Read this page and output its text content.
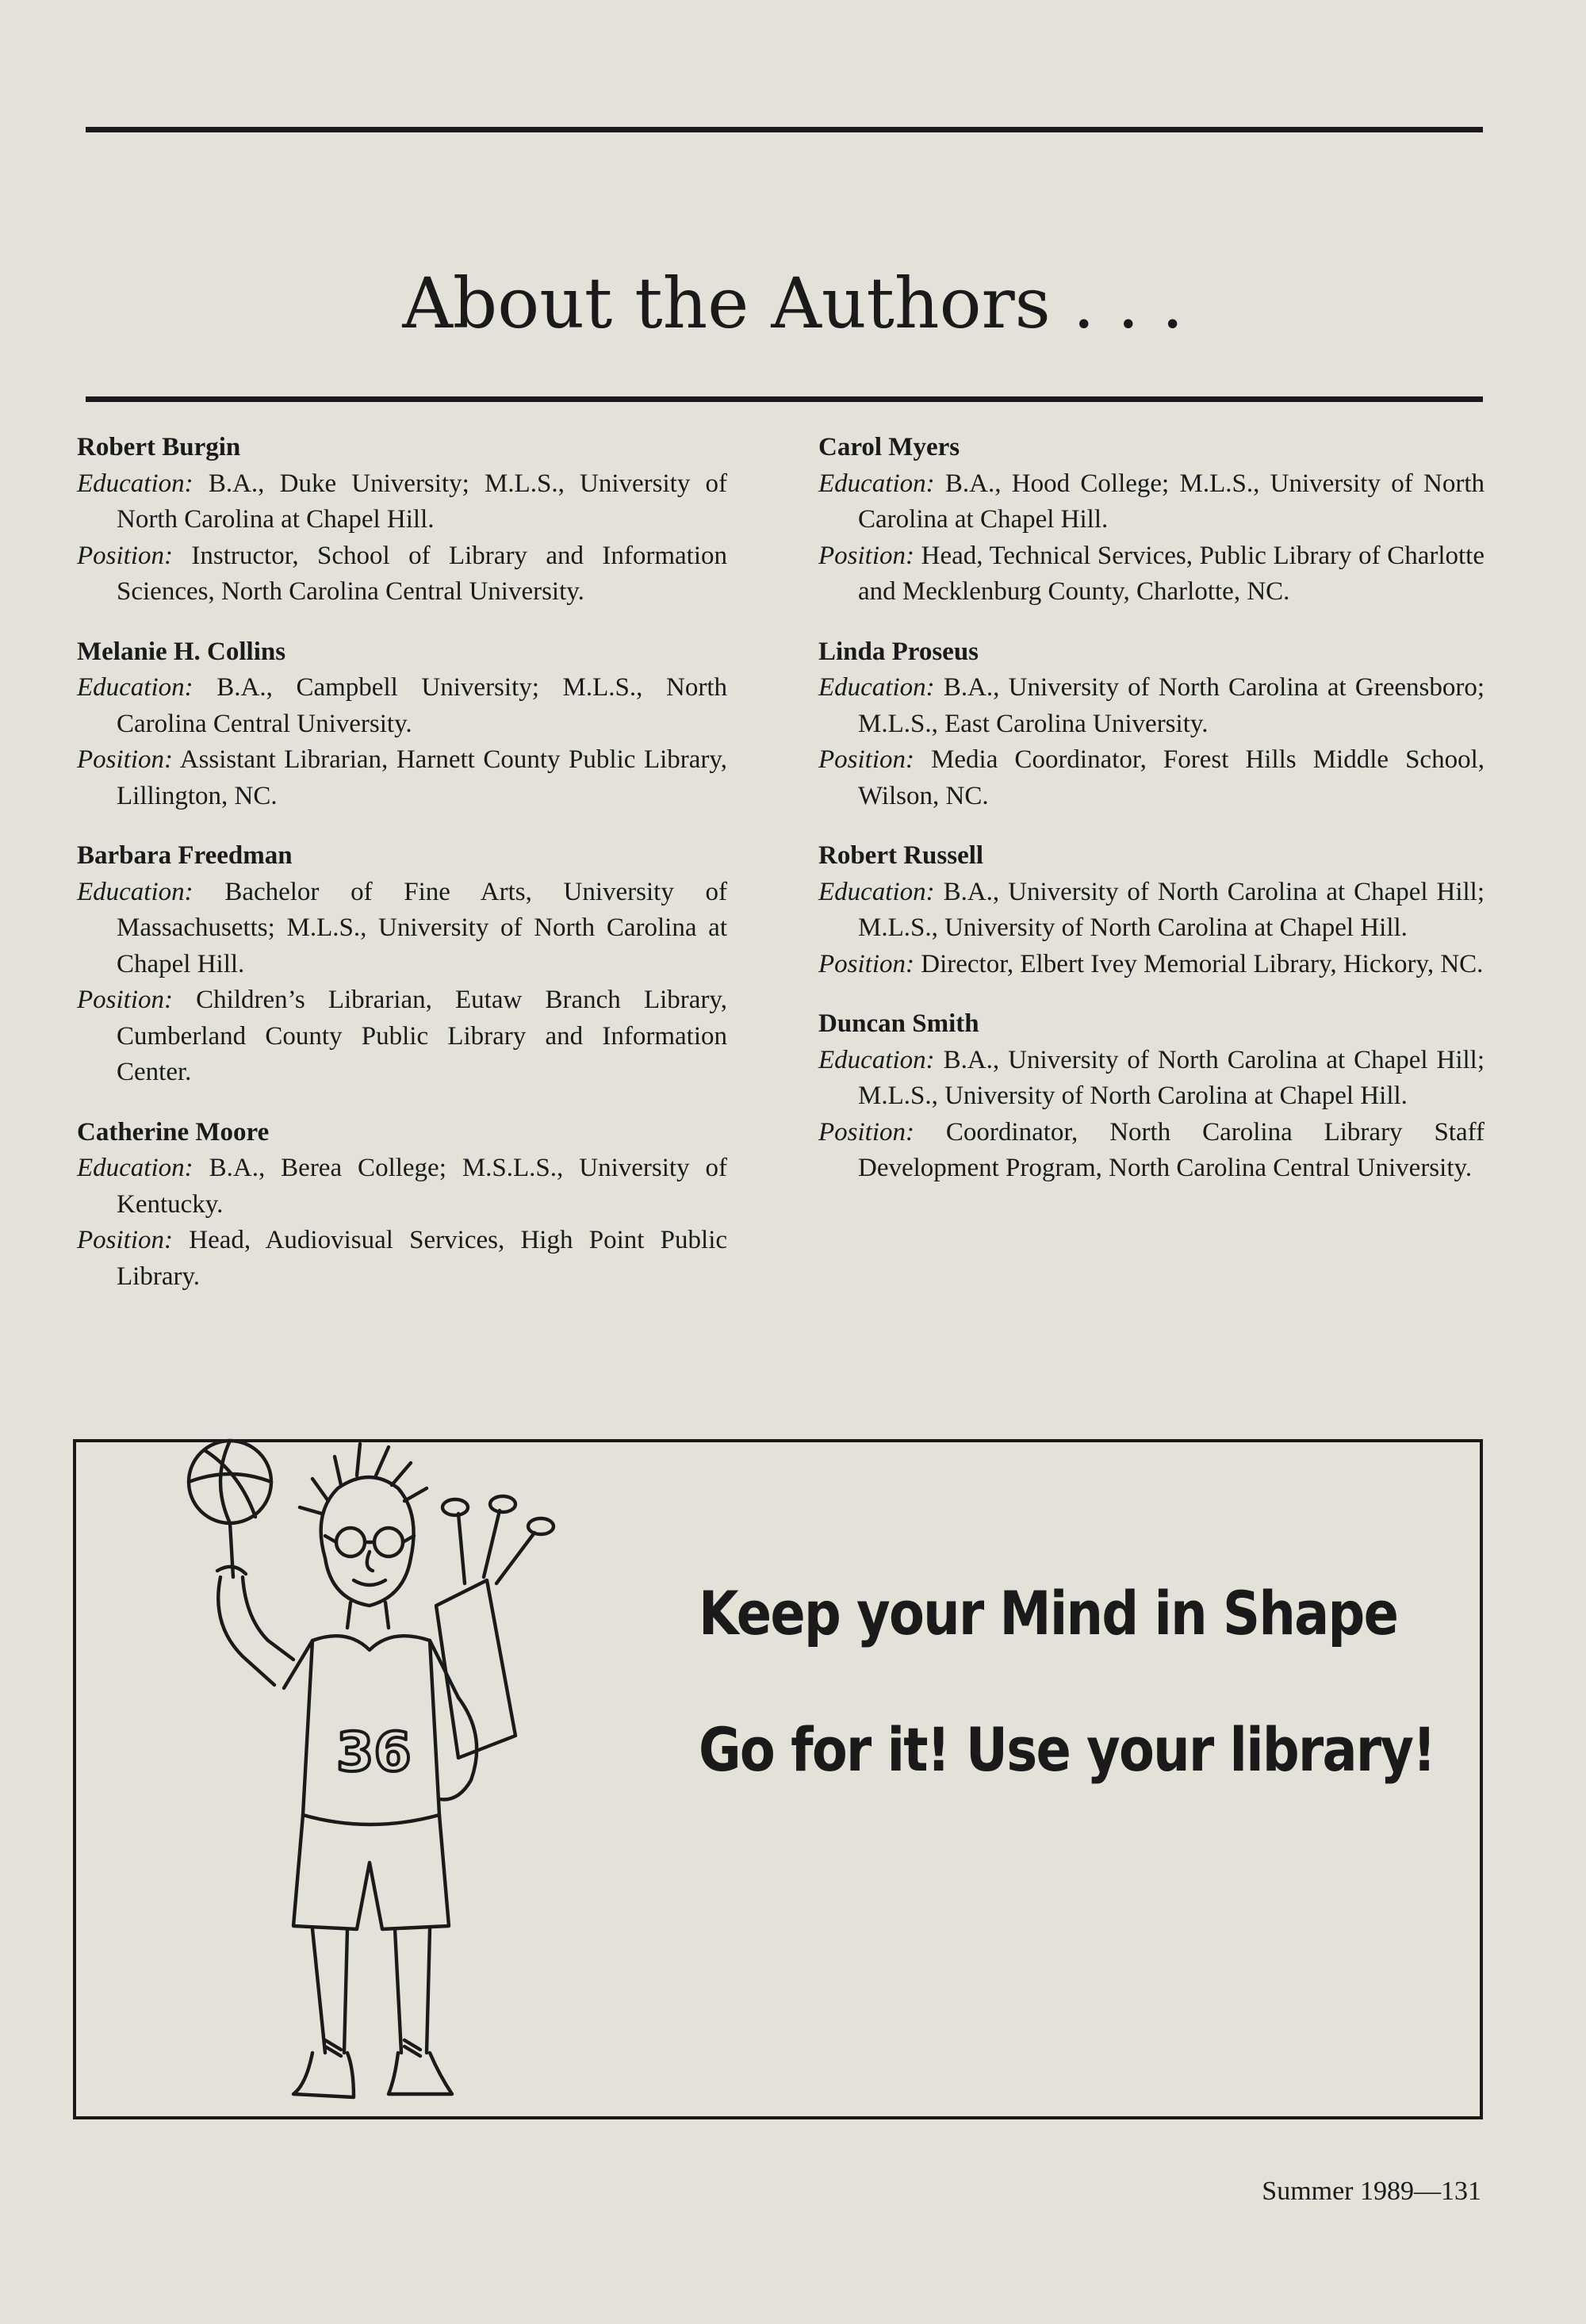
About the Authors . . .
Robert Burgin
Education: B.A., Duke University; M.L.S., University of North Carolina at Chapel Hill.
Position: Instructor, School of Library and Information Sciences, North Carolina Central University.
Melanie H. Collins
Education: B.A., Campbell University; M.L.S., North Carolina Central University.
Position: Assistant Librarian, Harnett County Public Library, Lillington, NC.
Barbara Freedman
Education: Bachelor of Fine Arts, University of Massachusetts; M.L.S., University of North Carolina at Chapel Hill.
Position: Children’s Librarian, Eutaw Branch Library, Cumberland County Public Library and Information Center.
Catherine Moore
Education: B.A., Berea College; M.S.L.S., University of Kentucky.
Position: Head, Audiovisual Services, High Point Public Library.
Carol Myers
Education: B.A., Hood College; M.L.S., University of North Carolina at Chapel Hill.
Position: Head, Technical Services, Public Library of Charlotte and Mecklenburg County, Charlotte, NC.
Linda Proseus
Education: B.A., University of North Carolina at Greensboro; M.L.S., East Carolina University.
Position: Media Coordinator, Forest Hills Middle School, Wilson, NC.
Robert Russell
Education: B.A., University of North Carolina at Chapel Hill; M.L.S., University of North Carolina at Chapel Hill.
Position: Director, Elbert Ivey Memorial Library, Hickory, NC.
Duncan Smith
Education: B.A., University of North Carolina at Chapel Hill; M.L.S., University of North Carolina at Chapel Hill.
Position: Coordinator, North Carolina Library Staff Development Program, North Carolina Central University.
36
Keep your Mind in Shape
Go for it! Use your library!
Summer 1989—131
